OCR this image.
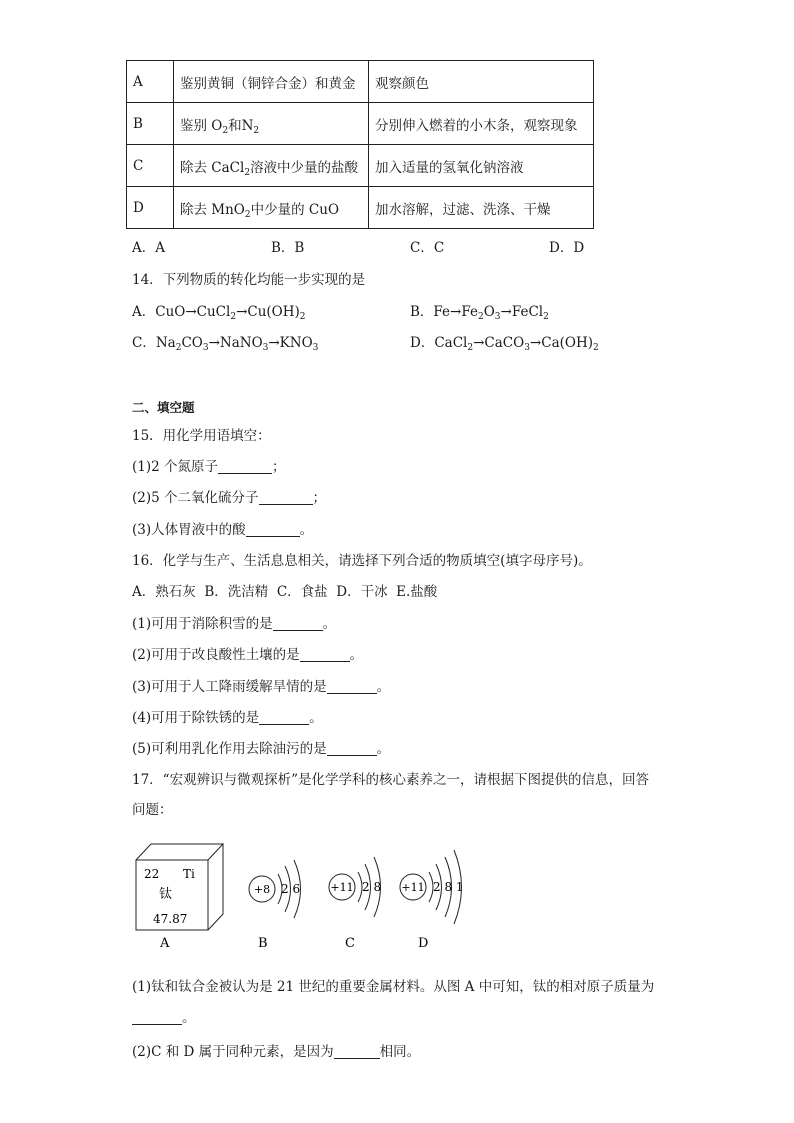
A	鉴别黄铜（铜锌合金）和黄金	观察颜色
B	鉴别 $O_2$和$N_2$	分别伸入燃着的小木条，观察现象
C	除去 CaCl$_2$溶液中少量的盐酸	加入适量的氢氧化钠溶液
D	除去 MnO$_2$中少量的 CuO	加水溶解，过滤、洗涤、干燥
A．A	B．B	C．C	D．D
14．下列物质的转化均能一步实现的是
A．$CuO\to CuCl_2\to Cu(OH)_2$	B．$Fe\to Fe_2O_3\to FeCl_2$
C．$Na_2CO_3\to NaNO_3\to KNO_3$	D．$CaCl_2\to CaCO_3\to Ca(OH)_2$
二、填空题
15．用化学用语填空：
(1)2 个氮原子	；
(2)5 个二氧化硫分子	；
(3)人体胃液中的酸	。
16．化学与生产、生活息息相关，请选择下列合适的物质填空(填字母序号)。
A．熟石灰  B．洗洁精  C．食盐  D．干冰  E.盐酸
(1)可用于消除积雪的是	。
(2)可用于改良酸性土壤的是	。
(3)可用于人工降雨缓解旱情的是	。
(4)可用于除铁锈的是	。
(5)可利用乳化作用去除油污的是	。
17．“宏观辨识与微观探析”是化学学科的核心素养之一，请根据下图提供的信息，回答
问题：
22 Ti
钛
47.87
A
+8 2 6
B
+11 2 8
C
+11 2 8 1
D
(1)钛和钛合金被认为是 21 世纪的重要金属材料。从图 A 中可知，钛的相对原子质量为
。
(2)C 和 D 属于同种元素，是因为	相同。
